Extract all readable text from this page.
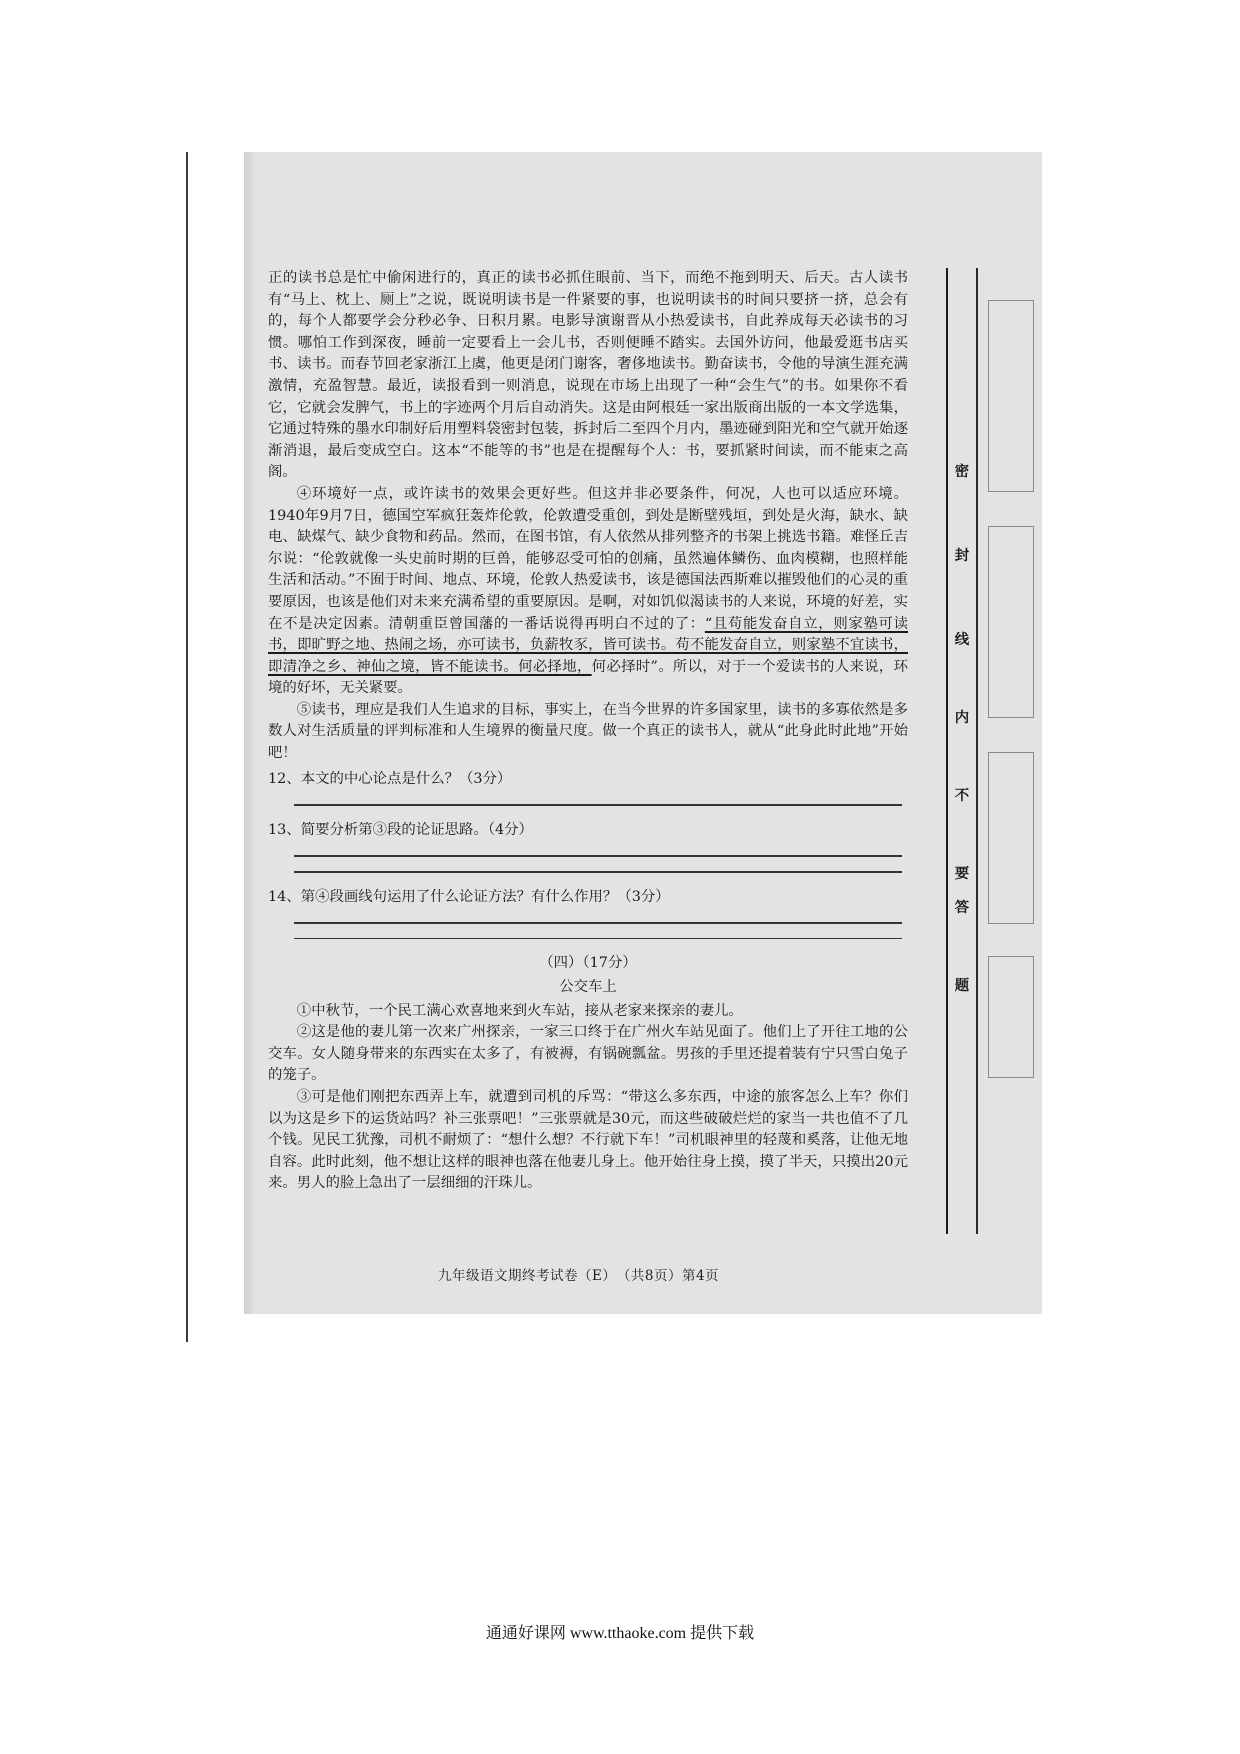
正的读书总是忙中偷闲进行的，真正的读书必抓住眼前、当下，而绝不拖到明天、后天。古人读书有“马上、枕上、厕上”之说，既说明读书是一件紧要的事，也说明读书的时间只要挤一挤，总会有的，每个人都要学会分秒必争、日积月累。电影导演谢晋从小热爱读书，自此养成每天必读书的习惯。哪怕工作到深夜，睡前一定要看上一会儿书，否则便睡不踏实。去国外访问，他最爱逛书店买书、读书。而春节回老家浙江上虞，他更是闭门谢客，奢侈地读书。勤奋读书，令他的导演生涯充满激情，充盈智慧。最近，读报看到一则消息，说现在市场上出现了一种“会生气”的书。如果你不看它，它就会发脾气，书上的字迹两个月后自动消失。这是由阿根廷一家出版商出版的一本文学选集，它通过特殊的墨水印制好后用塑料袋密封包装，拆封后二至四个月内，墨迹碰到阳光和空气就开始逐渐消退，最后变成空白。这本“不能等的书”也是在提醒每个人：书，要抓紧时间读，而不能束之高阁。

④环境好一点，或许读书的效果会更好些。但这并非必要条件，何况，人也可以适应环境。1940年9月7日，德国空军疯狂轰炸伦敦，伦敦遭受重创，到处是断壁残垣，到处是火海，缺水、缺电、缺煤气、缺少食物和药品。然而，在图书馆，有人依然从排列整齐的书架上挑选书籍。难怪丘吉尔说：“伦敦就像一头史前时期的巨兽，能够忍受可怕的创痛，虽然遍体鳞伤、血肉模糊，也照样能生活和活动。”不囿于时间、地点、环境，伦敦人热爱读书，该是德国法西斯难以摧毁他们的心灵的重要原因，也该是他们对未来充满希望的重要原因。是啊，对如饥似渴读书的人来说，环境的好差，实在不是决定因素。清朝重臣曾国藩的一番话说得再明白不过的了：“且苟能发奋自立，则家塾可读书，即旷野之地、热闹之场，亦可读书，负薪牧豕，皆可读书。苟不能发奋自立，则家塾不宜读书，即清净之乡、神仙之境，皆不能读书。何必择地，何必择时”。所以，对于一个爱读书的人来说，环境的好坏，无关紧要。

⑤读书，理应是我们人生追求的目标，事实上，在当今世界的许多国家里，读书的多寡依然是多数人对生活质量的评判标准和人生境界的衡量尺度。做一个真正的读书人，就从“此身此时此地”开始吧！

12、本文的中心论点是什么？（3分）

13、简要分析第③段的论证思路。（4分）

14、第④段画线句运用了什么论证方法？有什么作用？（3分）

（四）（17分）
公交车上

①中秋节，一个民工满心欢喜地来到火车站，接从老家来探亲的妻儿。

②这是他的妻儿第一次来广州探亲，一家三口终于在广州火车站见面了。他们上了开往工地的公交车。女人随身带来的东西实在太多了，有被褥，有锅碗瓢盆。男孩的手里还提着装有宁只雪白兔子的笼子。

③可是他们刚把东西弄上车，就遭到司机的斥骂：“带这么多东西，中途的旅客怎么上车？你们以为这是乡下的运货站吗？补三张票吧！”三张票就是30元，而这些破破烂烂的家当一共也值不了几个钱。见民工犹豫，司机不耐烦了：“想什么想？不行就下车！”司机眼神里的轻蔑和奚落，让他无地自容。此时此刻，他不想让这样的眼神也落在他妻儿身上。他开始往身上摸，摸了半天，只摸出20元来。男人的脸上急出了一层细细的汗珠儿。

九年级语文期终考试卷（E）　（共8页）第4页
密
封
线
内
不
要
答
题
通通好课网 www.tthaoke.com 提供下载
